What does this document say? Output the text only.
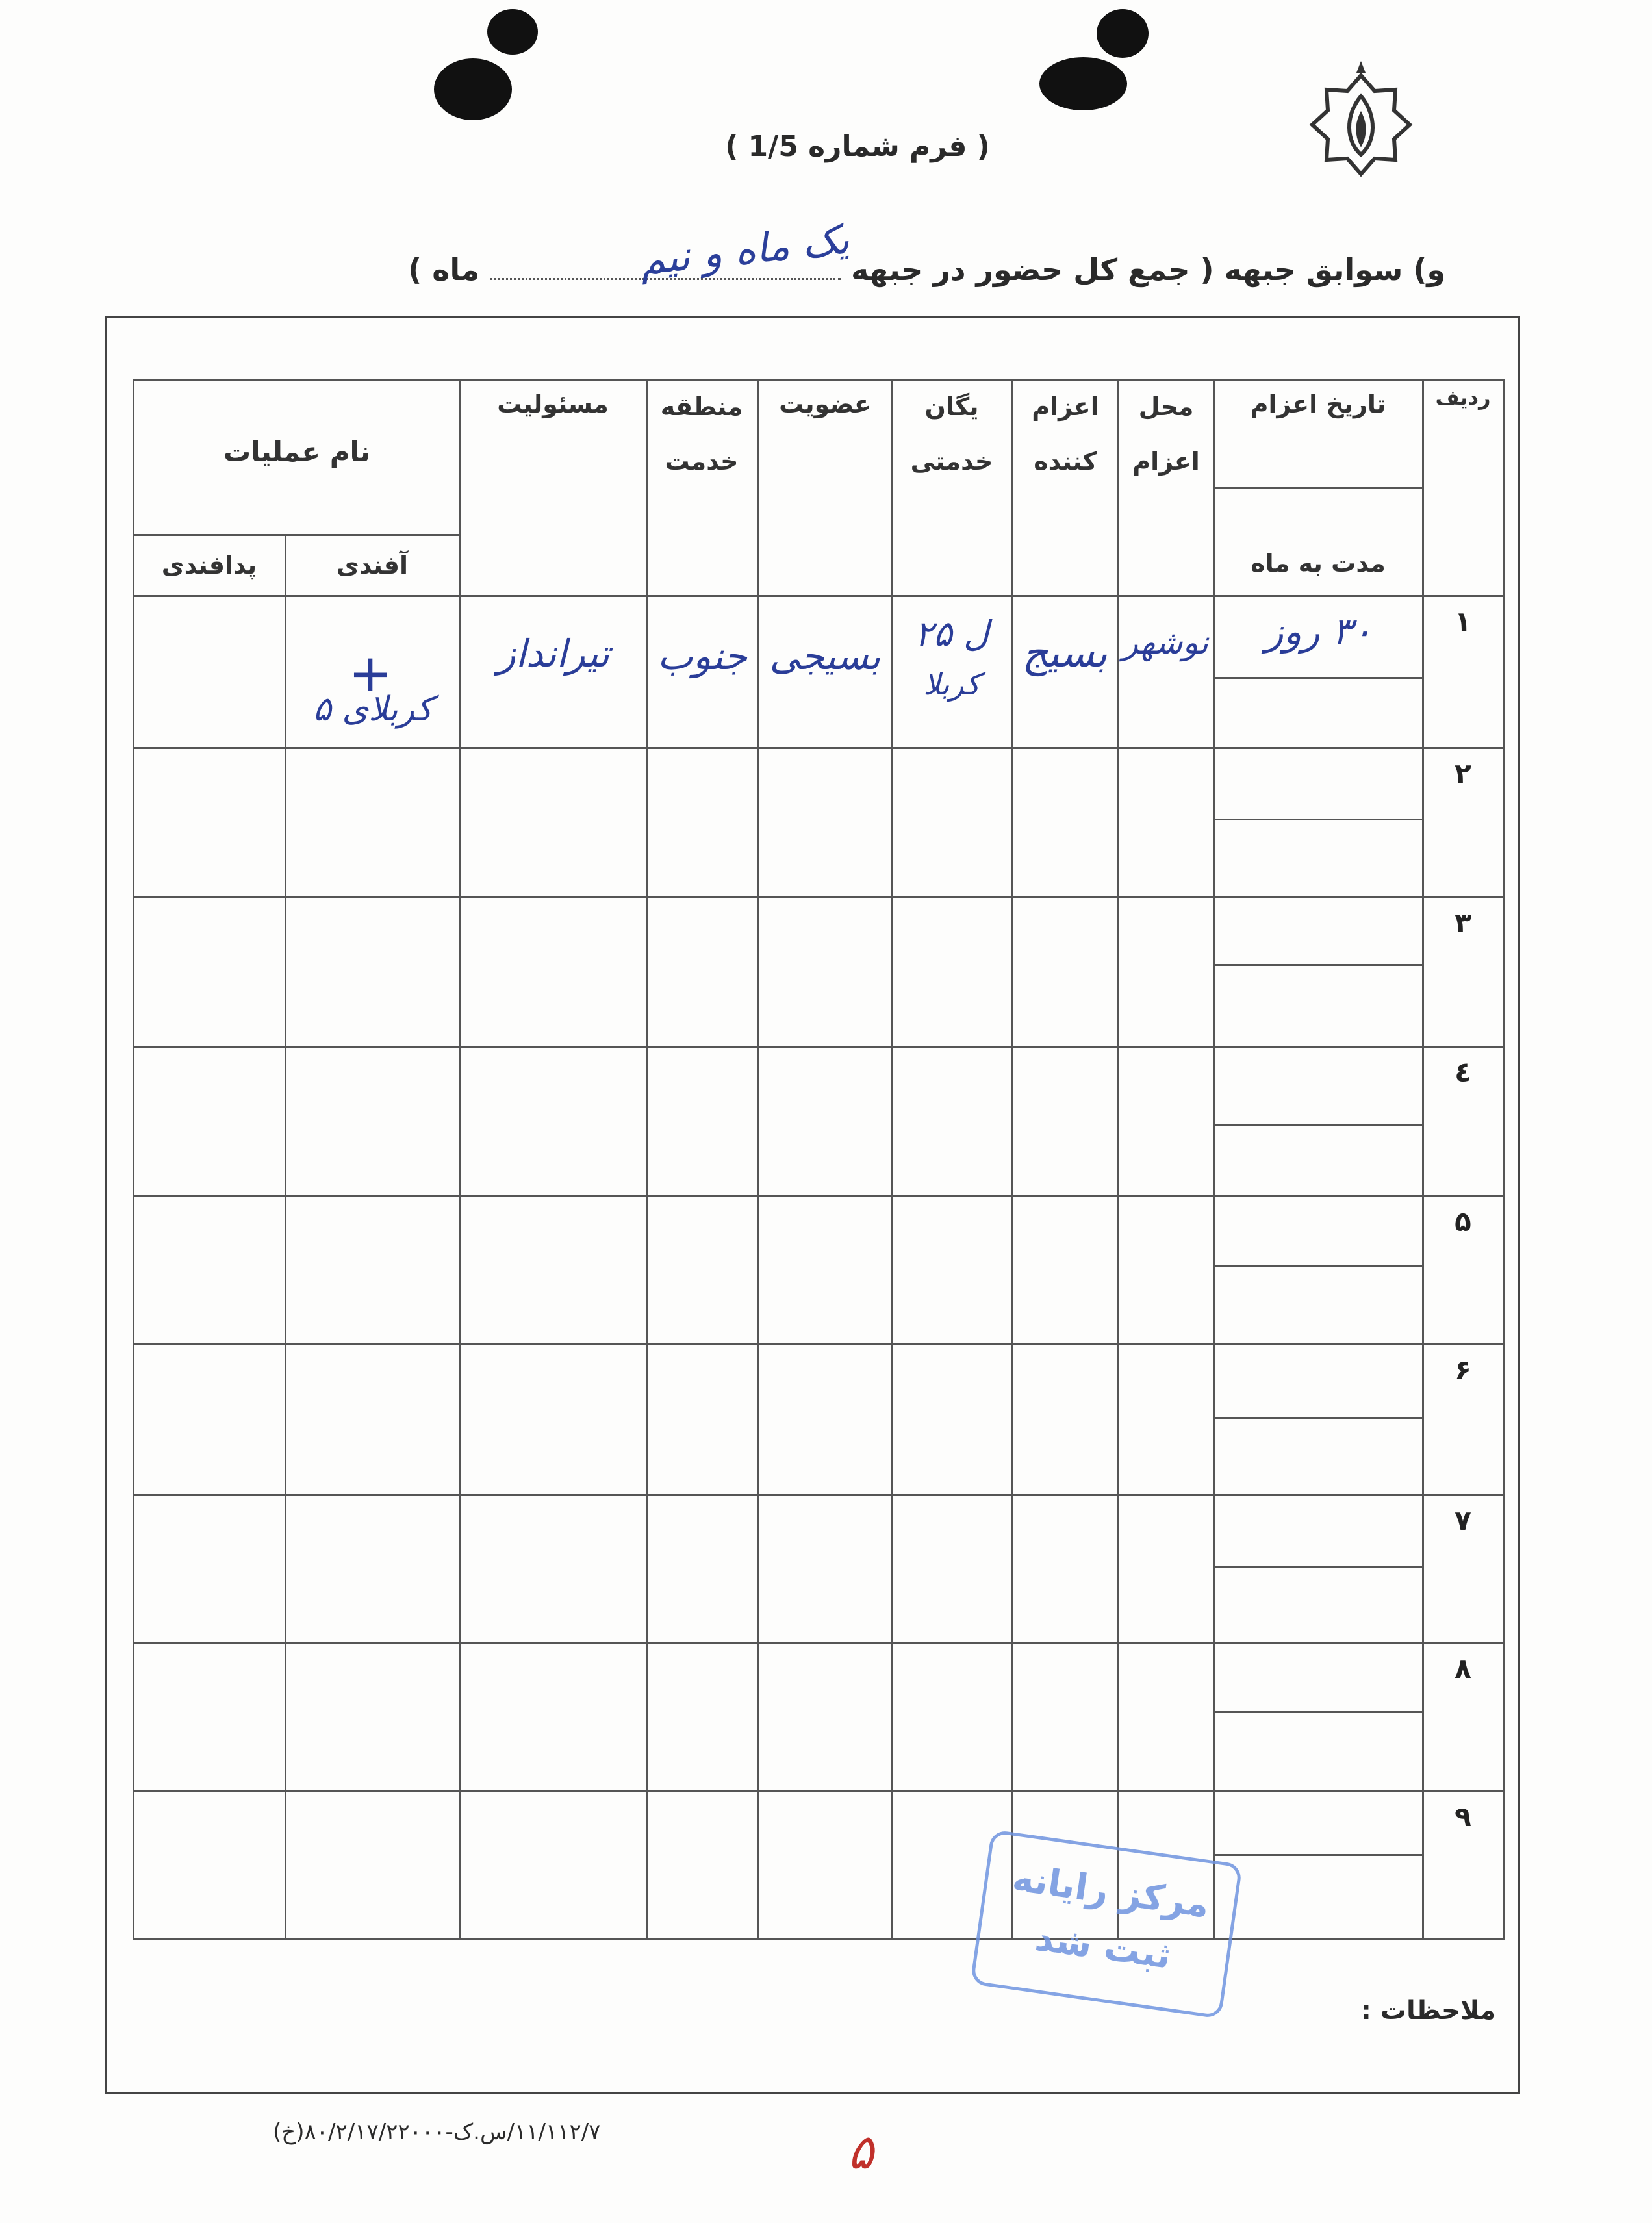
( فرم شماره 1/5 )
و) سوابق جبهه ( جمع کل حضور در جبهه
یک ماه و نیم
ماه )
ردیف
تاریخ اعزام
مدت به ماه
محل اعزام
اعزام کننده
یگان خدمتی
عضویت
منطقه خدمت
مسئولیت
نام عملیات
آفندی
پدافندی
۱
۲
۳
٤
۵
۶
۷
۸
۹
۳۰ روز
نوشهر
بسیج
ل ۲۵
کربلا
بسیجی
جنوب
تیرانداز
+
کربلای ۵
ملاحظات :
مرکز رایانه
ثبت شد
۱۱/۱۱۲/۷/س.ک-۸۰/۲/۱۷/۲۲۰۰۰(خ)	۵
